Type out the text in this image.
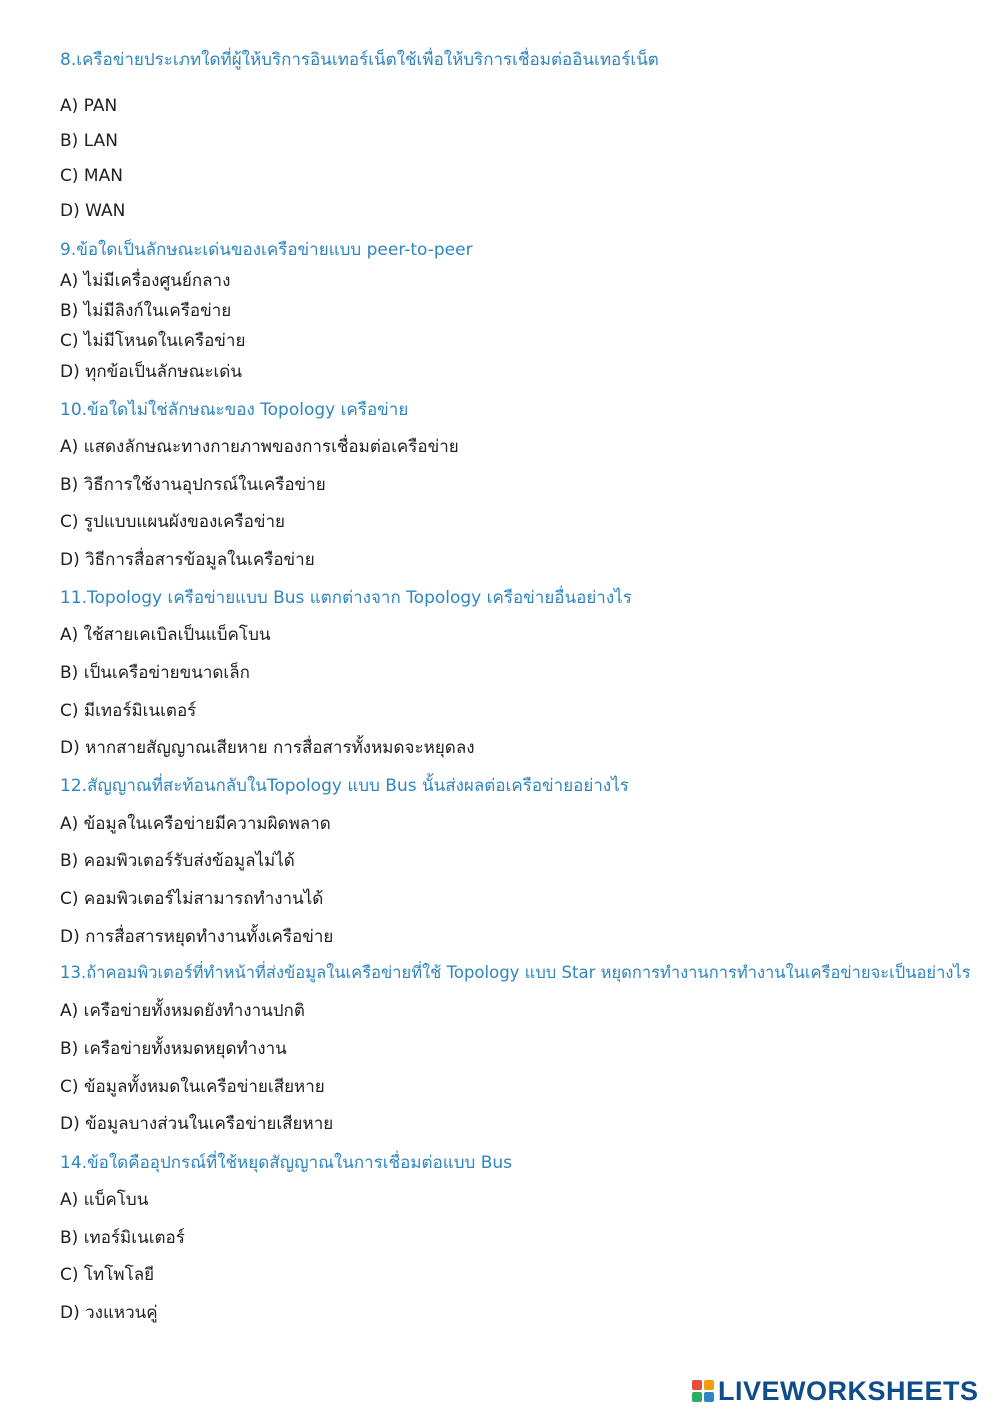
8.เครือข่ายประเภทใดที่ผู้ให้บริการอินเทอร์เน็ตใช้เพื่อให้บริการเชื่อมต่ออินเทอร์เน็ต
A) PAN
B) LAN
C) MAN
D) WAN
9.ข้อใดเป็นลักษณะเด่นของเครือข่ายแบบ peer-to-peer
A) ไม่มีเครื่องศูนย์กลาง
B) ไม่มีลิงก์ในเครือข่าย
C) ไม่มีโหนดในเครือข่าย
D) ทุกข้อเป็นลักษณะเด่น
10.ข้อใดไม่ใช่ลักษณะของ Topology เครือข่าย
A) แสดงลักษณะทางกายภาพของการเชื่อมต่อเครือข่าย
B) วิธีการใช้งานอุปกรณ์ในเครือข่าย
C) รูปแบบแผนผังของเครือข่าย
D) วิธีการสื่อสารข้อมูลในเครือข่าย
11.Topology เครือข่ายแบบ Bus แตกต่างจาก Topology เครือข่ายอื่นอย่างไร
A) ใช้สายเคเบิลเป็นแบ็คโบน
B) เป็นเครือข่ายขนาดเล็ก
C) มีเทอร์มิเนเตอร์
D) หากสายสัญญาณเสียหาย การสื่อสารทั้งหมดจะหยุดลง
12.สัญญาณที่สะท้อนกลับในTopology แบบ Bus นั้นส่งผลต่อเครือข่ายอย่างไร
A) ข้อมูลในเครือข่ายมีความผิดพลาด
B) คอมพิวเตอร์รับส่งข้อมูลไม่ได้
C) คอมพิวเตอร์ไม่สามารถทำงานได้
D) การสื่อสารหยุดทำงานทั้งเครือข่าย
13.ถ้าคอมพิวเตอร์ที่ทำหน้าที่ส่งข้อมูลในเครือข่ายที่ใช้ Topology แบบ Star หยุดการทำงานการทำงานในเครือข่ายจะเป็นอย่างไร
A) เครือข่ายทั้งหมดยังทำงานปกติ
B) เครือข่ายทั้งหมดหยุดทำงาน
C) ข้อมูลทั้งหมดในเครือข่ายเสียหาย
D) ข้อมูลบางส่วนในเครือข่ายเสียหาย
14.ข้อใดคืออุปกรณ์ที่ใช้หยุดสัญญาณในการเชื่อมต่อแบบ Bus
A) แบ็คโบน
B) เทอร์มิเนเตอร์
C) โทโพโลยี
D) วงแหวนคู่
LIVEWORKSHEETS
